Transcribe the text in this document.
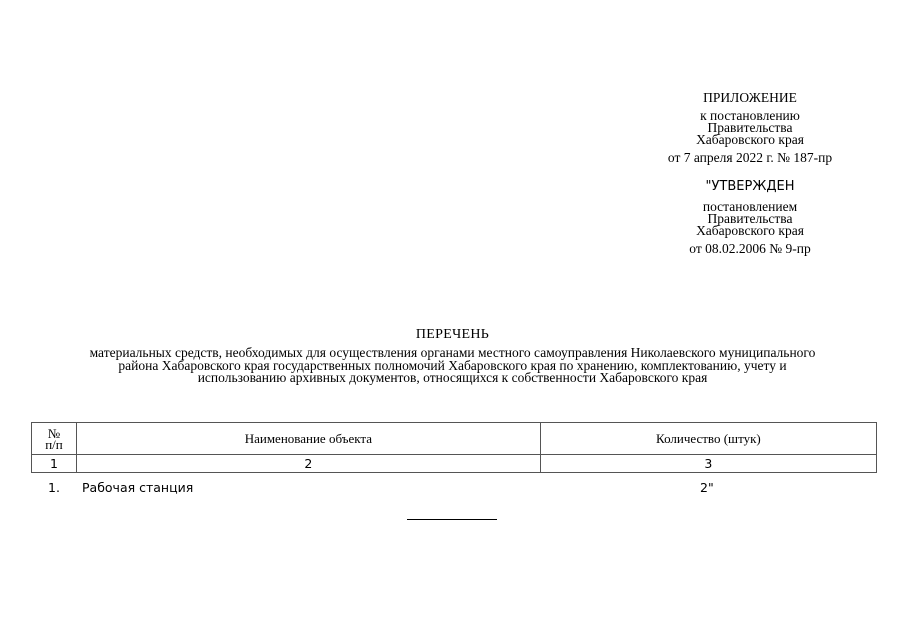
ПРИЛОЖЕНИЕ
к постановлению
Правительства
Хабаровского края
от 7 апреля 2022 г. № 187-пр
"УТВЕРЖДЕН
постановлением
Правительства
Хабаровского края
от 08.02.2006 № 9-пр
ПЕРЕЧЕНЬ
материальных средств, необходимых для осуществления органами местного самоуправления Николаевского муниципального
района Хабаровского края государственных полномочий Хабаровского края по хранению, комплектованию, учету и
использованию архивных документов, относящихся к собственности Хабаровского края
№
п/п	Наименование объекта	Количество (штук)
1	2	3
1. Рабочая станция	2"
